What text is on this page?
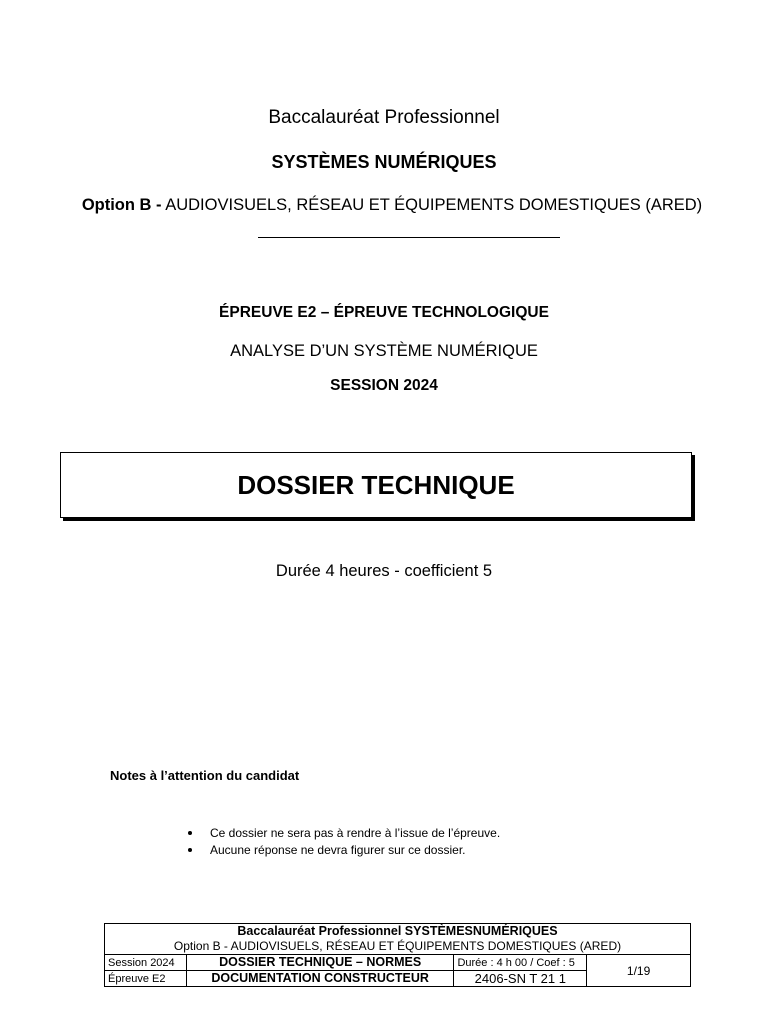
Baccalauréat Professionnel
SYSTÈMES NUMÉRIQUES
Option B - AUDIOVISUELS, RÉSEAU ET ÉQUIPEMENTS DOMESTIQUES (ARED)
ÉPREUVE E2 – ÉPREUVE TECHNOLOGIQUE
ANALYSE D’UN SYSTÈME NUMÉRIQUE
SESSION 2024
DOSSIER TECHNIQUE
Durée 4 heures - coefficient 5
Notes à l’attention du candidat
Ce dossier ne sera pas à rendre à l’issue de l’épreuve.
Aucune réponse ne devra figurer sur ce dossier.
Baccalauréat Professionnel SYSTÈMESNUMÉRIQUES
Option B - AUDIOVISUELS, RÉSEAU ET ÉQUIPEMENTS DOMESTIQUES (ARED)			

Session 2024	DOSSIER TECHNIQUE – NORMES	Durée : 4 h 00 / Coef : 5	1/19
Épreuve E2	DOCUMENTATION CONSTRUCTEUR	2406-SN T 21 1	
